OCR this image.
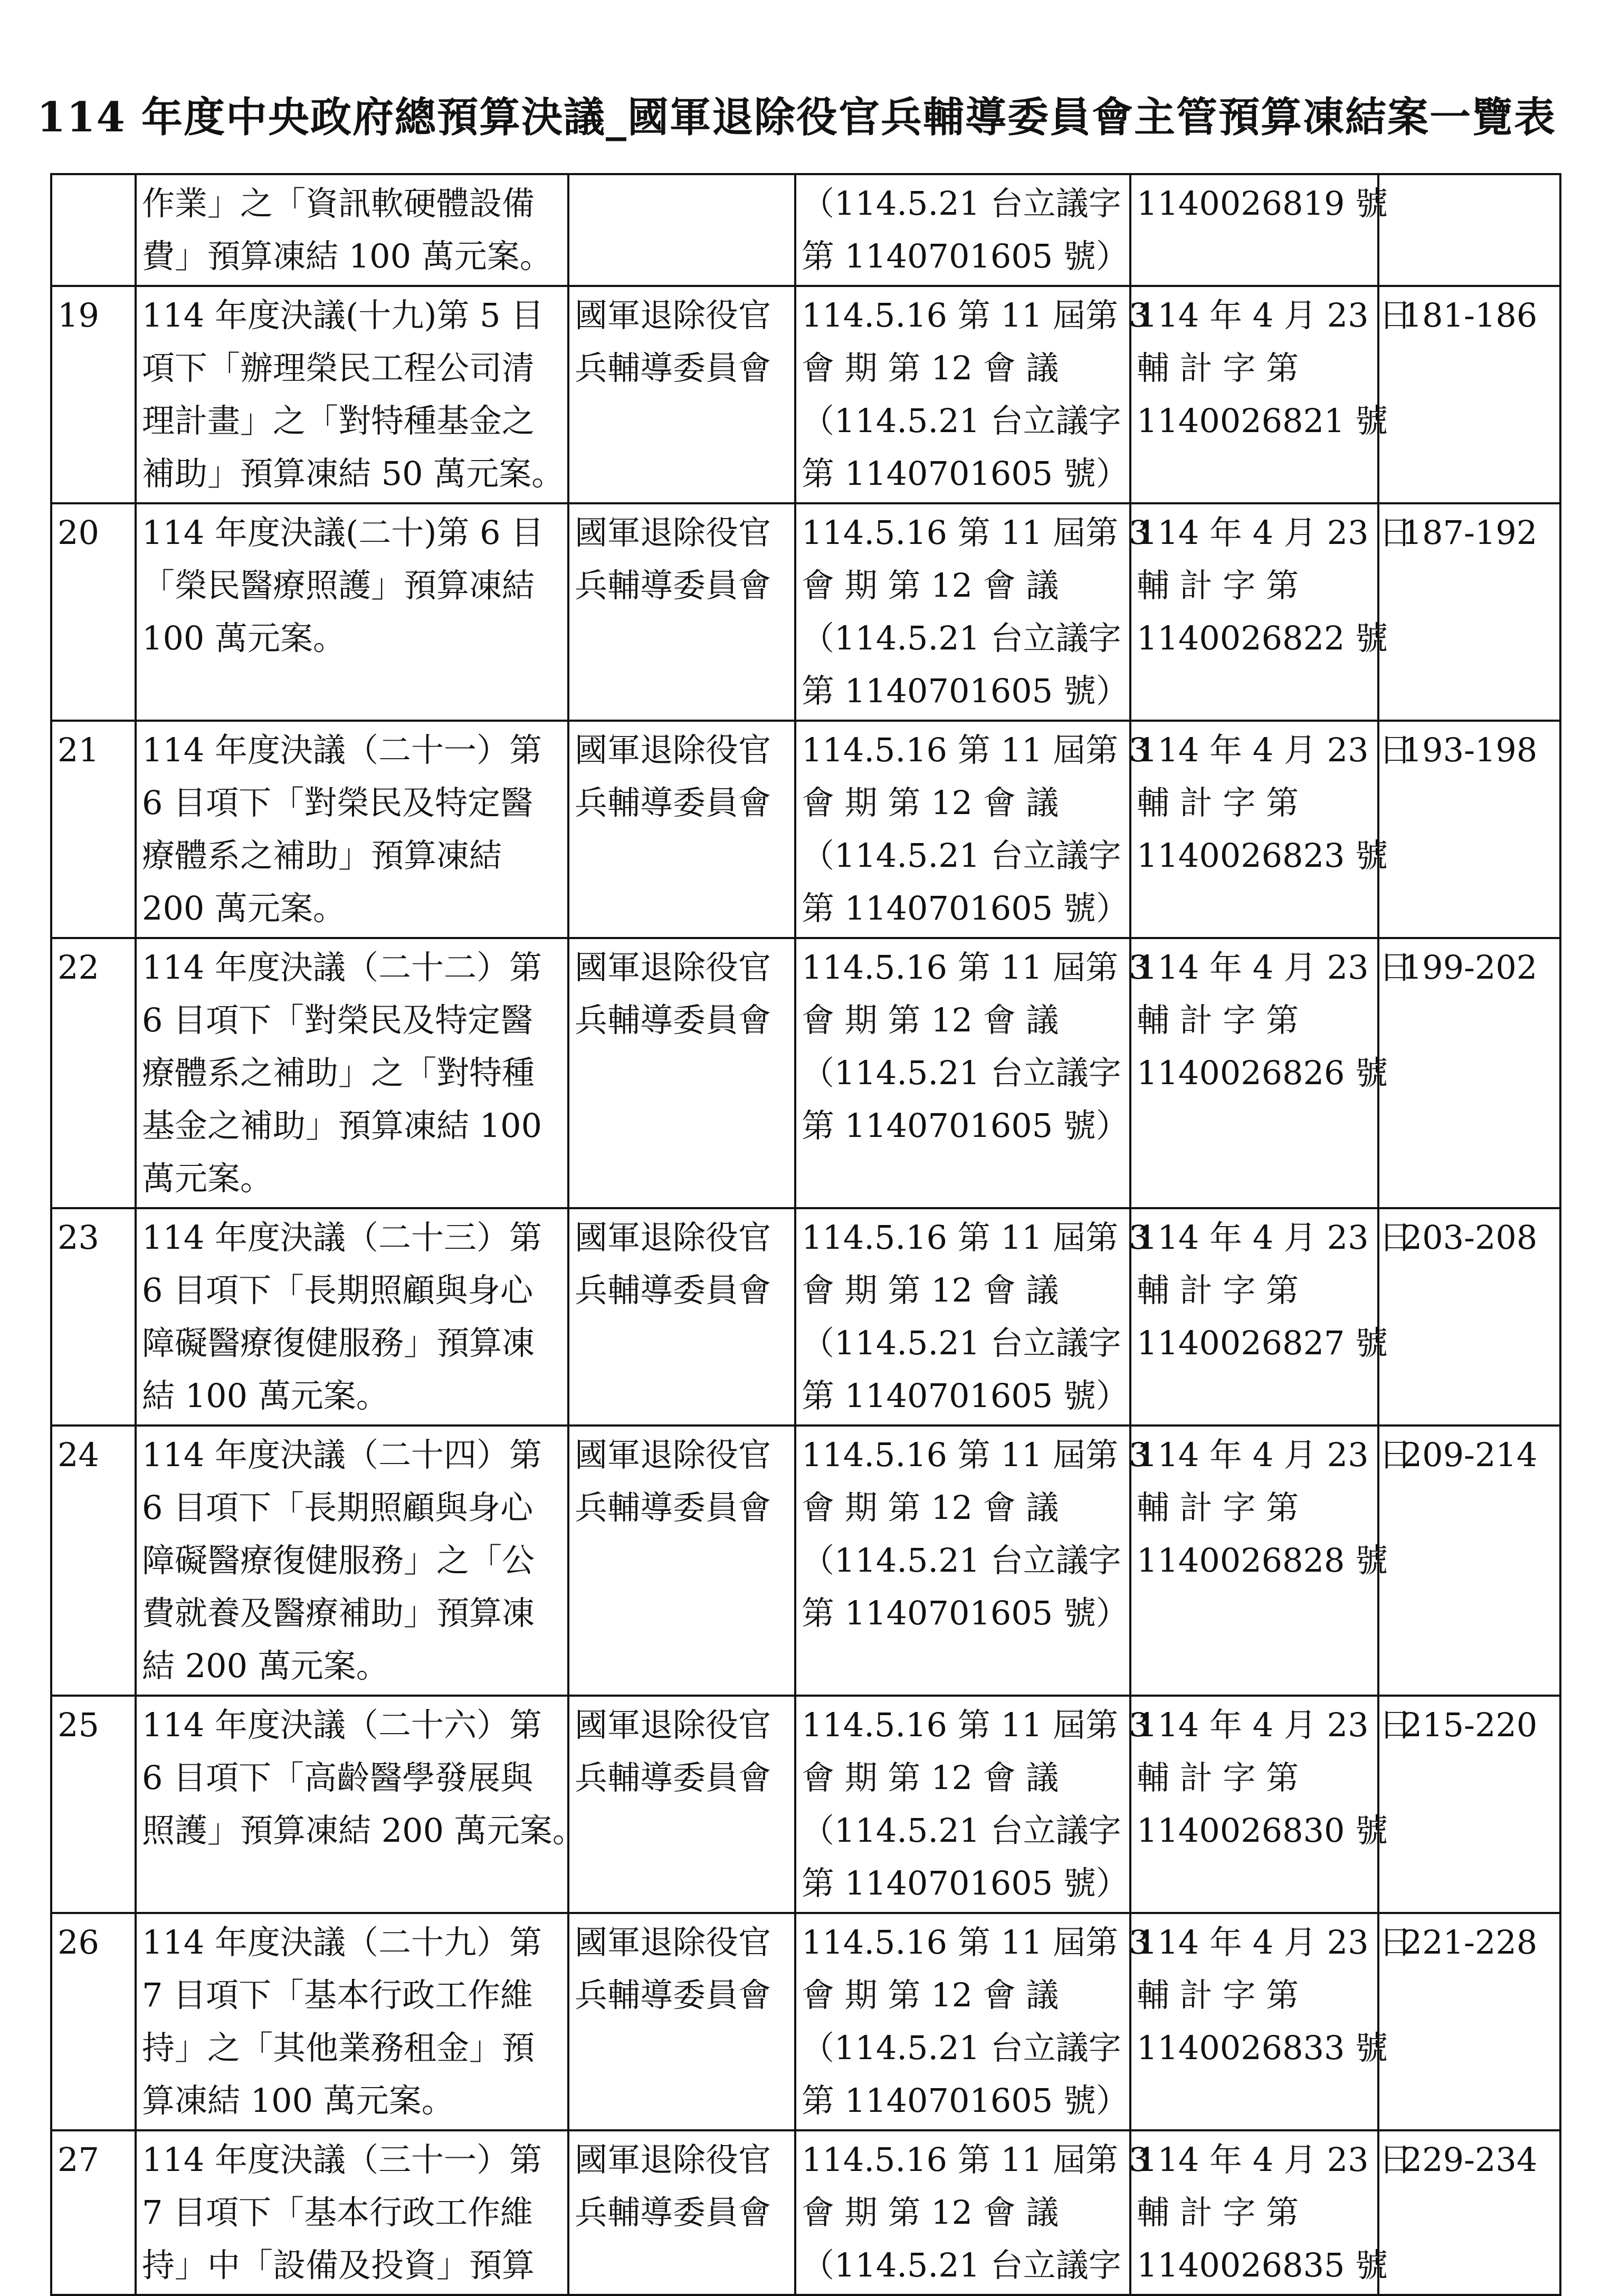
114 年度中央政府總預算決議_國軍退除役官兵輔導委員會主管預算凍結案一覽表

	作業」之「資訊軟硬體設備
費」預算凍結 100 萬元案。		（114.5.21 台立議字
第 1140701605 號）	1140026819 號	

19	114 年度決議(十九)第 5 目
項下「辦理榮民工程公司清
理計畫」之「對特種基金之
補助」預算凍結 50 萬元案。	國軍退除役官
兵輔導委員會	114.5.16 第 11 屆第 3
會 期 第 12 會 議
（114.5.21 台立議字
第 1140701605 號）	114 年 4 月 23 日
輔 計 字 第
1140026821 號	181-186
20	114 年度決議(二十)第 6 目
「榮民醫療照護」預算凍結
100 萬元案。	國軍退除役官
兵輔導委員會	114.5.16 第 11 屆第 3
會 期 第 12 會 議
（114.5.21 台立議字
第 1140701605 號）	114 年 4 月 23 日
輔 計 字 第
1140026822 號	187-192
21	114 年度決議（二十一）第
6 目項下「對榮民及特定醫
療體系之補助」預算凍結
200 萬元案。	國軍退除役官
兵輔導委員會	114.5.16 第 11 屆第 3
會 期 第 12 會 議
（114.5.21 台立議字
第 1140701605 號）	114 年 4 月 23 日
輔 計 字 第
1140026823 號	193-198
22	114 年度決議（二十二）第
6 目項下「對榮民及特定醫
療體系之補助」之「對特種
基金之補助」預算凍結 100
萬元案。	國軍退除役官
兵輔導委員會	114.5.16 第 11 屆第 3
會 期 第 12 會 議
（114.5.21 台立議字
第 1140701605 號）	114 年 4 月 23 日
輔 計 字 第
1140026826 號	199-202
23	114 年度決議（二十三）第
6 目項下「長期照顧與身心
障礙醫療復健服務」預算凍
結 100 萬元案。	國軍退除役官
兵輔導委員會	114.5.16 第 11 屆第 3
會 期 第 12 會 議
（114.5.21 台立議字
第 1140701605 號）	114 年 4 月 23 日
輔 計 字 第
1140026827 號	203-208
24	114 年度決議（二十四）第
6 目項下「長期照顧與身心
障礙醫療復健服務」之「公
費就養及醫療補助」預算凍
結 200 萬元案。	國軍退除役官
兵輔導委員會	114.5.16 第 11 屆第 3
會 期 第 12 會 議
（114.5.21 台立議字
第 1140701605 號）	114 年 4 月 23 日
輔 計 字 第
1140026828 號	209-214
25	114 年度決議（二十六）第
6 目項下「高齡醫學發展與
照護」預算凍結 200 萬元案。	國軍退除役官
兵輔導委員會	114.5.16 第 11 屆第 3
會 期 第 12 會 議
（114.5.21 台立議字
第 1140701605 號）	114 年 4 月 23 日
輔 計 字 第
1140026830 號	215-220
26	114 年度決議（二十九）第
7 目項下「基本行政工作維
持」之「其他業務租金」預
算凍結 100 萬元案。	國軍退除役官
兵輔導委員會	114.5.16 第 11 屆第 3
會 期 第 12 會 議
（114.5.21 台立議字
第 1140701605 號）	114 年 4 月 23 日
輔 計 字 第
1140026833 號	221-228
27	114 年度決議（三十一）第
7 目項下「基本行政工作維
持」中「設備及投資」預算	國軍退除役官
兵輔導委員會	114.5.16 第 11 屆第 3
會 期 第 12 會 議
（114.5.21 台立議字	114 年 4 月 23 日
輔 計 字 第
1140026835 號	229-234
